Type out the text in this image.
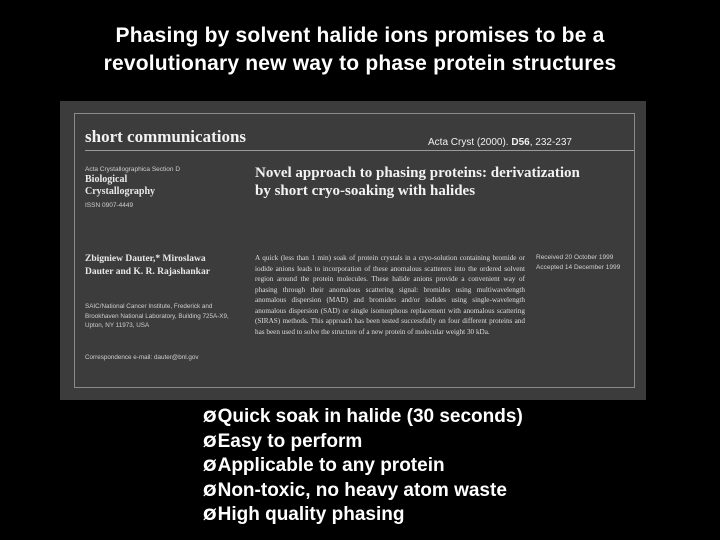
Phasing by solvent halide ions promises to be a
revolutionary new way to phase protein structures
short communications	Acta Cryst (2000). D56, 232-237
Acta Crystallographica Section D
Biological
Crystallography
ISSN 0907-4449
Novel approach to phasing proteins: derivatization
by short cryo-soaking with halides
Zbigniew Dauter,* Miroslawa
Dauter and K. R. Rajashankar
SAIC/National Cancer Institute, Frederick and Brookhaven National Laboratory, Building 725A-X9, Upton, NY 11973, USA
Correspondence e-mail: dauter@bnl.gov
A quick (less than 1 min) soak of protein crystals in a cryo-solution containing bromide or iodide anions leads to incorporation of these anomalous scatterers into the ordered solvent region around the protein molecules. These halide anions provide a convenient way of phasing through their anomalous scattering signal: bromides using multiwavelength anomalous dispersion (MAD) and bromides and/or iodides using single-wavelength anomalous dispersion (SAD) or single isomorphous replacement with anomalous scattering (SIRAS) methods. This approach has been tested successfully on four different proteins and has been used to solve the structure of a new protein of molecular weight 30 kDa.
Received 20 October 1999
Accepted 14 December 1999
Ø Quick soak in halide (30 seconds)
Ø Easy to perform
Ø Applicable to any protein
Ø Non-toxic, no heavy atom waste
Ø High quality phasing
